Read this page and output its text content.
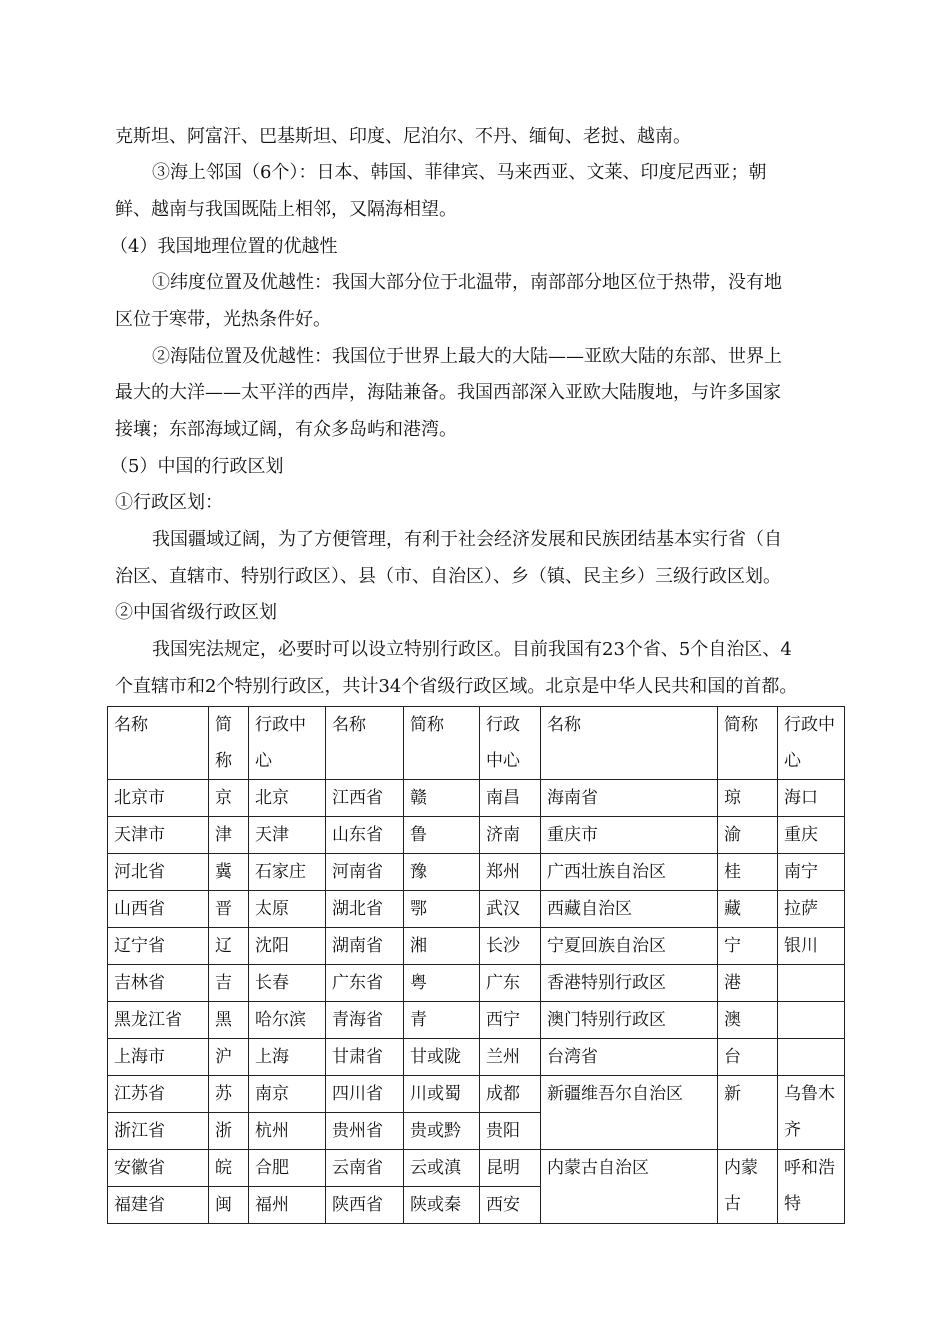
克斯坦、阿富汗、巴基斯坦、印度、尼泊尔、不丹、缅甸、老挝、越南。
③海上邻国（6个）：日本、韩国、菲律宾、马来西亚、文莱、印度尼西亚；朝
鲜、越南与我国既陆上相邻，又隔海相望。
（4）我国地理位置的优越性
①纬度位置及优越性：我国大部分位于北温带，南部部分地区位于热带，没有地
区位于寒带，光热条件好。
②海陆位置及优越性：我国位于世界上最大的大陆——亚欧大陆的东部、世界上
最大的大洋——太平洋的西岸，海陆兼备。我国西部深入亚欧大陆腹地，与许多国家
接壤；东部海域辽阔，有众多岛屿和港湾。
（5）中国的行政区划
①行政区划：
我国疆域辽阔，为了方便管理，有利于社会经济发展和民族团结基本实行省（自
治区、直辖市、特别行政区）、县（市、自治区）、乡（镇、民主乡）三级行政区划。
②中国省级行政区划
我国宪法规定，必要时可以设立特别行政区。目前我国有23个省、5个自治区、4
个直辖市和2个特别行政区，共计34个省级行政区域。北京是中华人民共和国的首都。
名称	简称	行政中心	名称	简称	行政中心	名称	简称	行政中心
北京市	京	北京	江西省	赣	南昌	海南省	琼	海口
天津市	津	天津	山东省	鲁	济南	重庆市	渝	重庆
河北省	冀	石家庄	河南省	豫	郑州	广西壮族自治区	桂	南宁
山西省	晋	太原	湖北省	鄂	武汉	西藏自治区	藏	拉萨
辽宁省	辽	沈阳	湖南省	湘	长沙	宁夏回族自治区	宁	银川
吉林省	吉	长春	广东省	粤	广东	香港特别行政区	港	
黑龙江省	黑	哈尔滨	青海省	青	西宁	澳门特别行政区	澳	
上海市	沪	上海	甘肃省	甘或陇	兰州	台湾省	台	
江苏省	苏	南京	四川省	川或蜀	成都	新疆维吾尔自治区	新	乌鲁木齐
浙江省	浙	杭州	贵州省	贵或黔	贵阳			
安徽省	皖	合肥	云南省	云或滇	昆明	内蒙古自治区	内蒙古	呼和浩特
福建省	闽	福州	陕西省	陕或秦	西安			
